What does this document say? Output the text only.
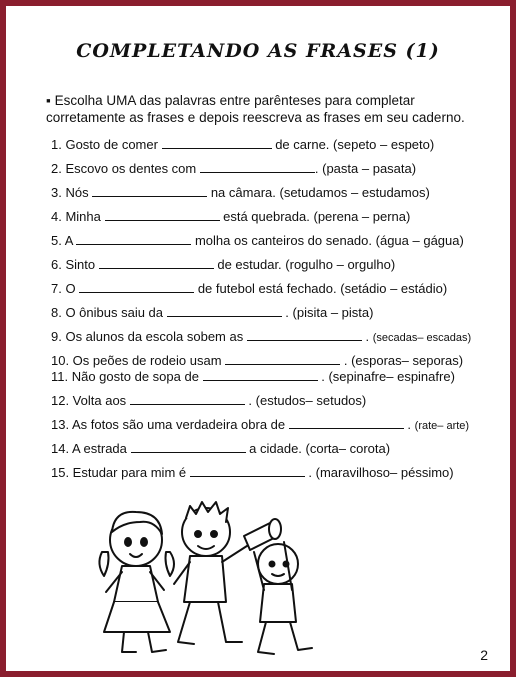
COMPLETANDO AS FRASES (1)
▪ Escolha UMA das palavras entre parênteses para completar
corretamente as frases e depois reescreva as frases em seu caderno.
1. Gosto de comer	de carne. (sepeto – espeto)
2. Escovo os dentes com	. (pasta – pasata)
3. Nós	na câmara. (setudamos – estudamos)
4. Minha	está quebrada. (perena – perna)
5. A	molha os canteiros do senado. (água – gágua)
6. Sinto	de estudar. (rogulho – orgulho)
7. O	de futebol está fechado. (setádio – estádio)
8. O ônibus saiu da	. (pisita – pista)
9. Os alunos da escola sobem as	. (secadas– escadas)
10. Os peões de rodeio usam	. (esporas– seporas)
11. Não gosto de sopa de	. (sepinafre– espinafre)
12. Volta aos	. (estudos– setudos)
13. As fotos são uma verdadeira obra de	. (rate– arte)
14. A estrada	a cidade. (corta– corota)
15. Estudar para mim é	. (maravilhoso– péssimo)
2
